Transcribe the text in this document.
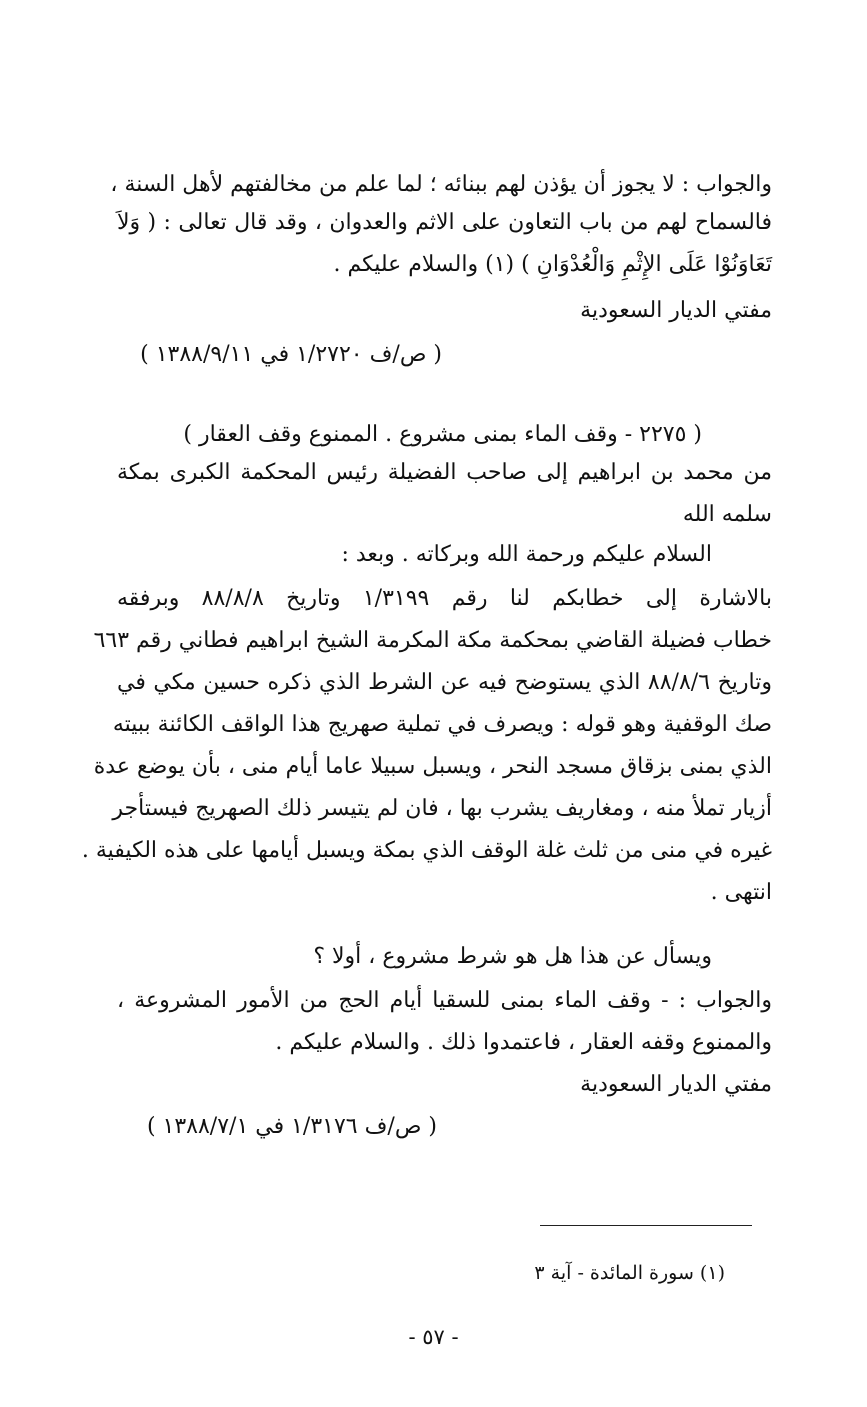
والجواب : لا يجوز أن يؤذن لهم ببنائه ؛ لما علم من مخالفتهم لأهل السنة ،
فالسماح لهم من باب التعاون على الاثم والعدوان ، وقد قال تعالى : ( وَلاَ
تَعَاوَنُوْا عَلَى الإِثْمِ وَالْعُدْوَانِ ) (١) والسلام عليكم .
مفتي الديار السعودية
( ص/ف ١/٢٧٢٠ في ١٣٨٨/٩/١١ )
( ٢٢٧٥ - وقف الماء بمنى مشروع . الممنوع وقف العقار )
من محمد بن ابراهيم إلى صاحب الفضيلة رئيس المحكمة الكبرى بمكة
سلمه الله
السلام عليكم ورحمة الله وبركاته . وبعد :
بالاشارة إلى خطابكم لنا رقم ١/٣١٩٩ وتاريخ ٨٨/٨/٨ وبرفقه
خطاب فضيلة القاضي بمحكمة مكة المكرمة الشيخ ابراهيم فطاني رقم ٦٦٣
وتاريخ ٨٨/٨/٦ الذي يستوضح فيه عن الشرط الذي ذكره حسين مكي في
صك الوقفية وهو قوله : ويصرف في تملية صهريج هذا الواقف الكائنة ببيته
الذي بمنى بزقاق مسجد النحر ، ويسبل سبيلا عاما أيام منى ، بأن يوضع عدة
أزيار تملأ منه ، ومغاريف يشرب بها ، فان لم يتيسر ذلك الصهريج فيستأجر
غيره في منى من ثلث غلة الوقف الذي بمكة ويسبل أيامها على هذه الكيفية .
انتهى .
ويسأل عن هذا هل هو شرط مشروع ، أولا ؟
والجواب : - وقف الماء بمنى للسقيا أيام الحج من الأمور المشروعة ،
والممنوع وقفه العقار ، فاعتمدوا ذلك . والسلام عليكم .
مفتي الديار السعودية
( ص/ف ١/٣١٧٦ في ١٣٨٨/٧/١ )
(١) سورة المائدة - آية ٣
- ٥٧ -
